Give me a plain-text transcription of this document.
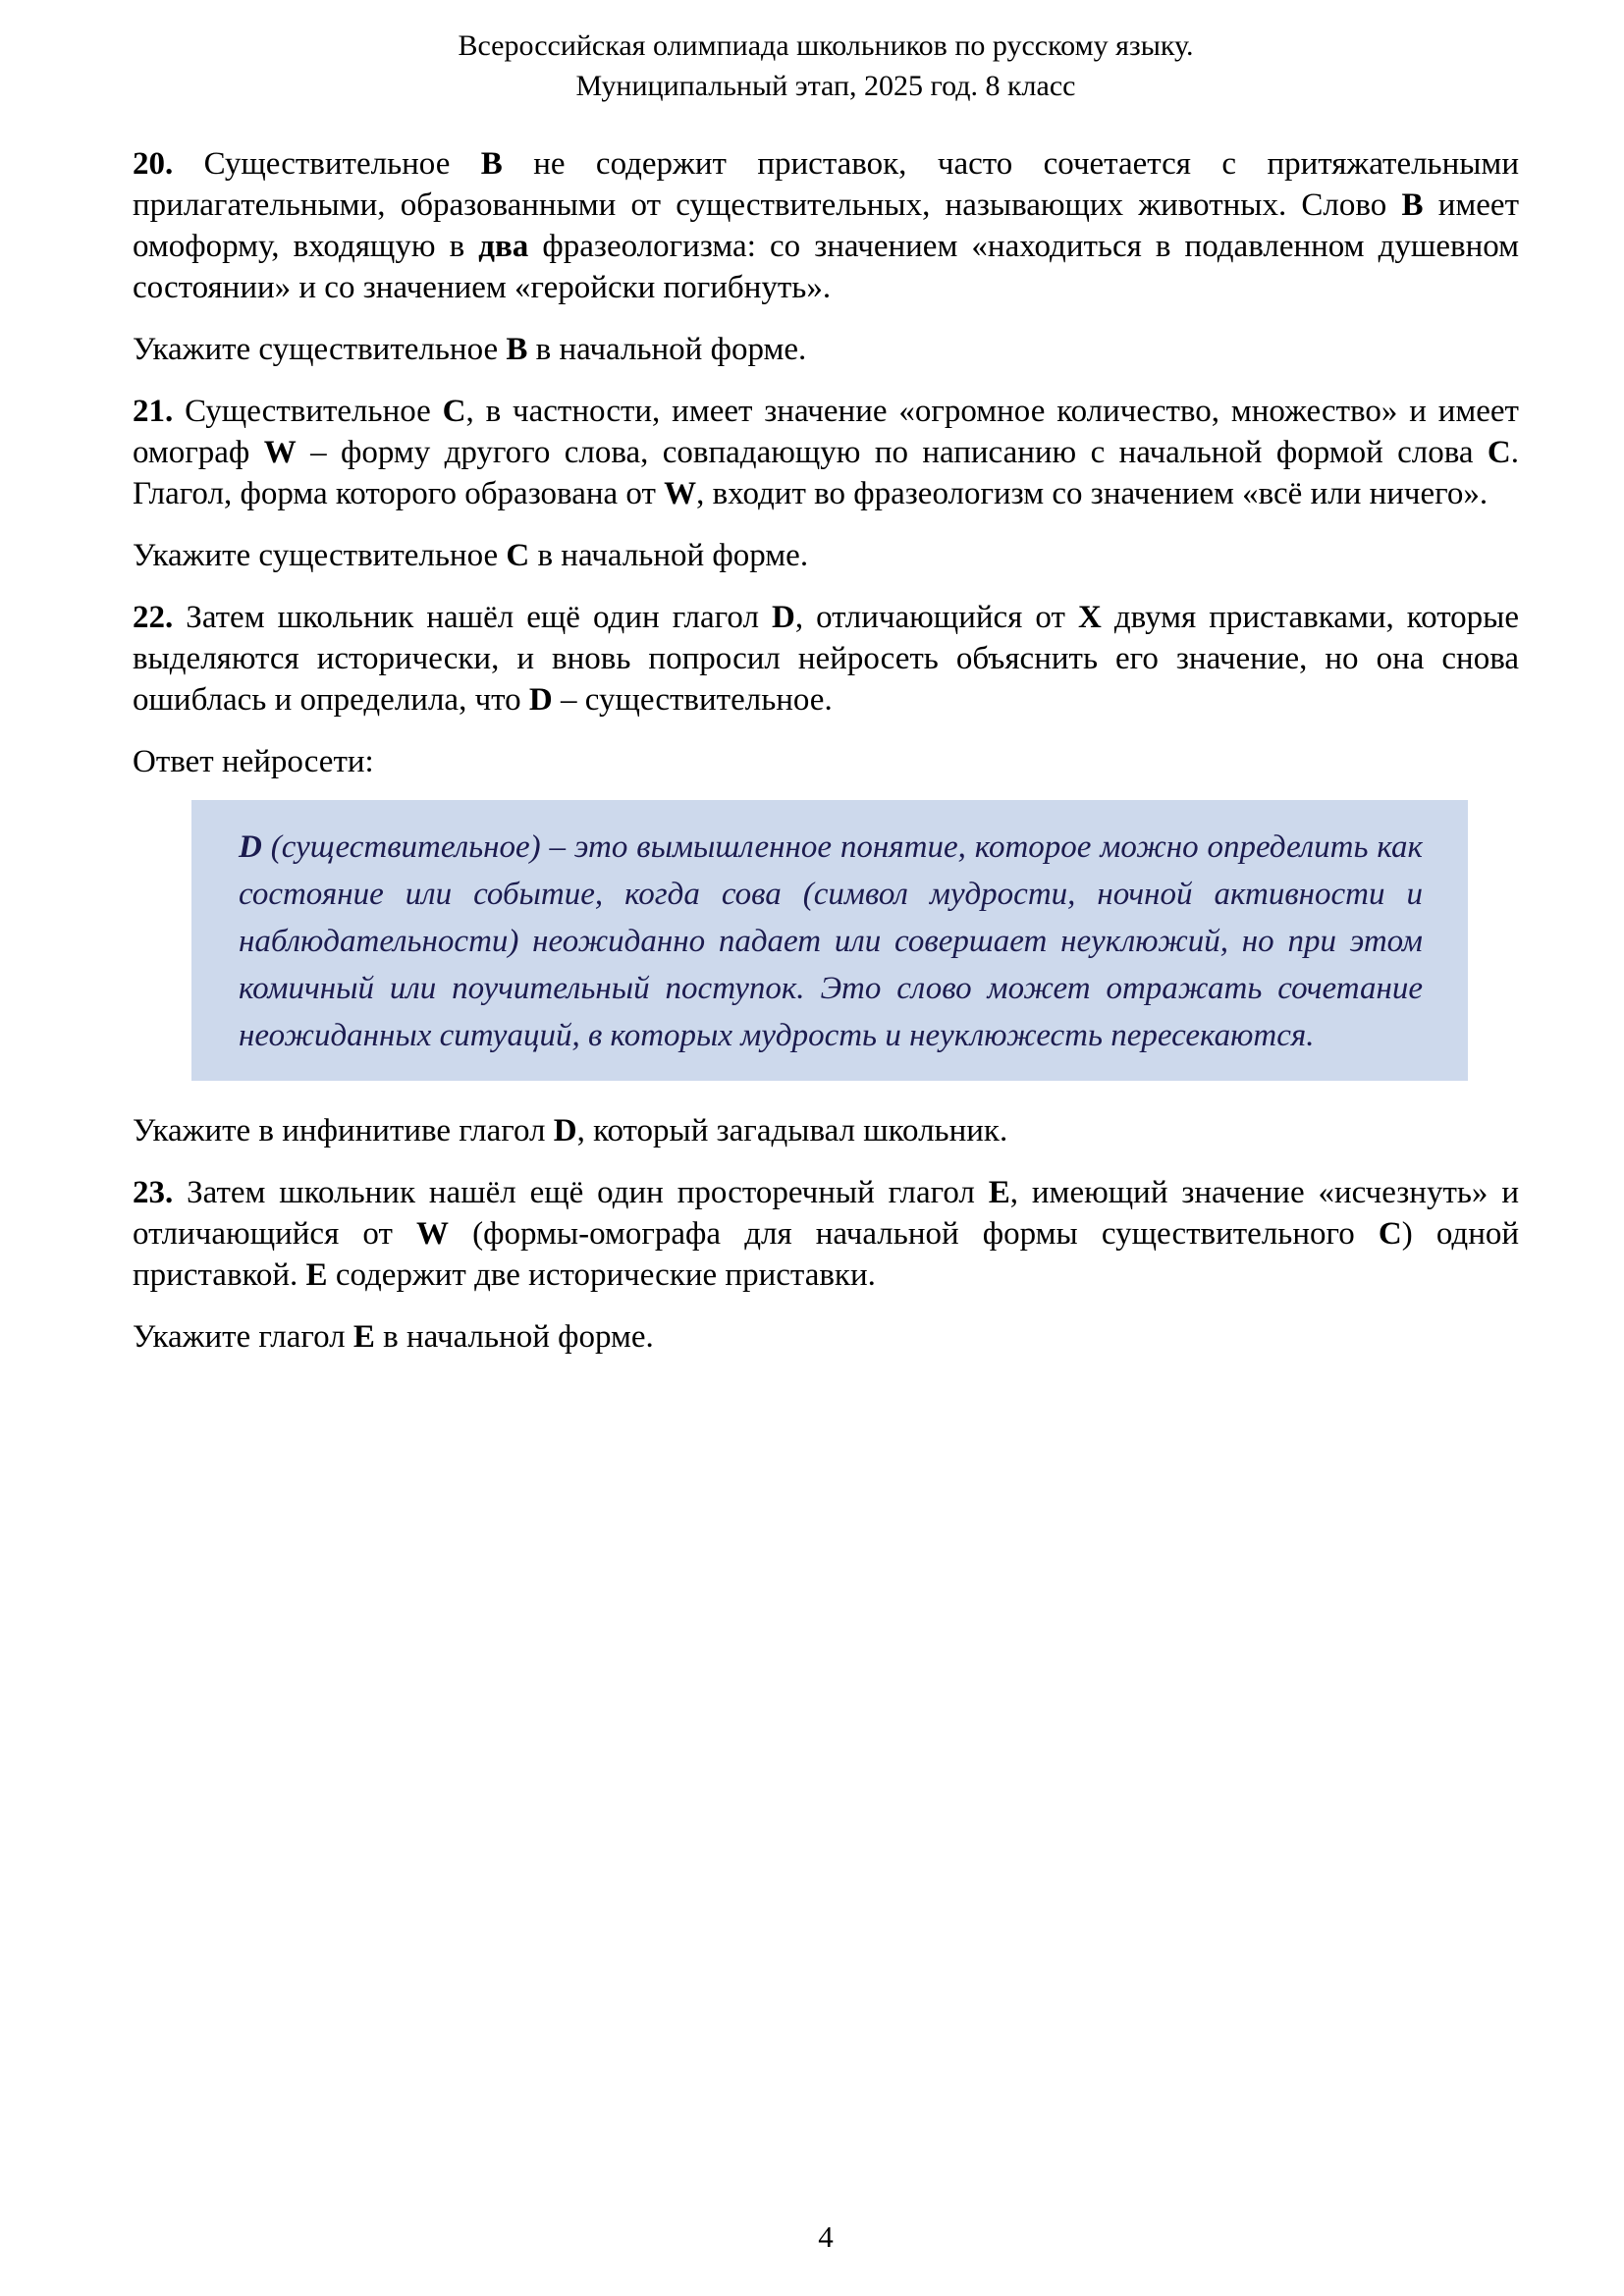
Всероссийская олимпиада школьников по русскому языку.
Муниципальный этап, 2025 год. 8 класс

20. Существительное В не содержит приставок, часто сочетается с притяжательными прилагательными, образованными от существительных, называющих животных. Слово В имеет омоформу, входящую в два фразеологизма: со значением «находиться в подавленном душевном состоянии» и со значением «геройски погибнуть».

Укажите существительное В в начальной форме.

21. Существительное С, в частности, имеет значение «огромное количество, множество» и имеет омограф W – форму другого слова, совпадающую по написанию с начальной формой слова С. Глагол, форма которого образована от W, входит во фразеологизм со значением «всё или ничего».

Укажите существительное С в начальной форме.

22. Затем школьник нашёл ещё один глагол D, отличающийся от X двумя приставками, которые выделяются исторически, и вновь попросил нейросеть объяснить его значение, но она снова ошиблась и определила, что D – существительное.

Ответ нейросети:

D (существительное) – это вымышленное понятие, которое можно определить как состояние или событие, когда сова (символ мудрости, ночной активности и наблюдательности) неожиданно падает или совершает неуклюжий, но при этом комичный или поучительный поступок. Это слово может отражать сочетание неожиданных ситуаций, в которых мудрость и неуклюжесть пересекаются.

Укажите в инфинитиве глагол D, который загадывал школьник.

23. Затем школьник нашёл ещё один просторечный глагол E, имеющий значение «исчезнуть» и отличающийся от W (формы-омографа для начальной формы существительного С) одной приставкой. E содержит две исторические приставки.

Укажите глагол E в начальной форме.

4
